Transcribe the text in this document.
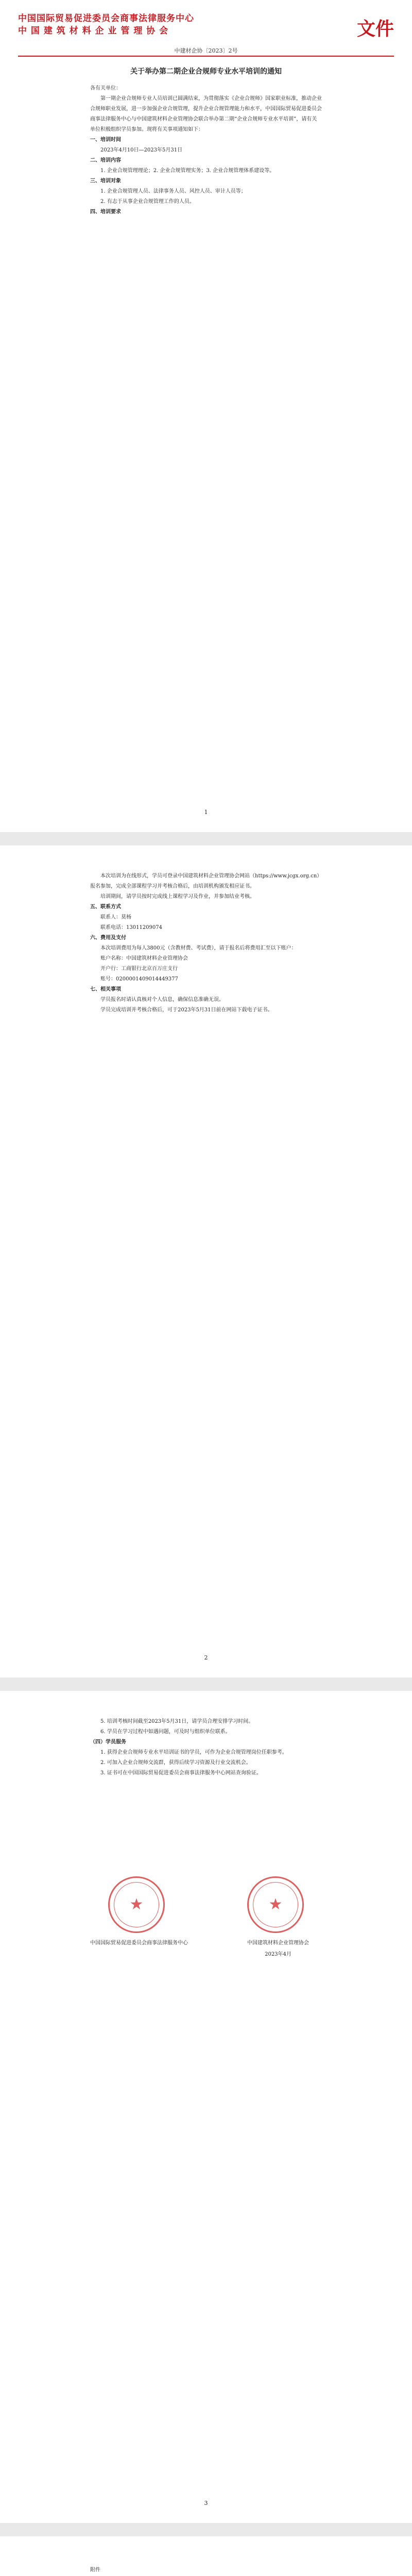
中国国际贸易促进委员会商事法律服务中心
中 国 建 筑 材 料 企 业 管 理 协 会	文件
中建材企协〔2023〕2号

关于举办第二期企业合规师专业水平培训的通知

各有关单位：

第一期企业合规师专业人员培训已圆满结束，为贯彻落实《企业合规师》国家职业标准，推动企业合规师职业发展，进一步加强企业合规管理，提升企业合规管理能力和水平，中国国际贸易促进委员会商事法律服务中心与中国建筑材料企业管理协会联合举办第二期“企业合规师专业水平培训”，请有关单位积极组织学员参加。现将有关事项通知如下：

一、培训时间

2023年4月10日—2023年5月31日

二、培训内容

1. 企业合规管理理论；2. 企业合规管理实务；3. 企业合规管理体系建设等。

三、培训对象

1. 企业合规管理人员、法律事务人员、风控人员、审计人员等；

2. 有志于从事企业合规管理工作的人员。

四、培训要求

1

本次培训为在线形式，学员可登录中国建筑材料企业管理协会网站（https://www.jcgx.org.cn）报名参加，完成全部课程学习并考核合格后，由培训机构颁发相应证书。

培训期间，请学员按时完成线上课程学习及作业，并参加结业考核。

五、联系方式

联系人：莫杨

联系电话：13011209074

六、费用及支付

本次培训费用为每人3800元（含教材费、考试费），请于报名后将费用汇至以下账户：

账户名称：中国建筑材料企业管理协会

开户行：工商银行北京百万庄支行

账号：0200001409014449377

七、相关事项

学员报名时请认真核对个人信息，确保信息准确无误。

学员完成培训并考核合格后，可于2023年5月31日前在网站下载电子证书。

2

5. 培训考核时间截至2023年5月31日，请学员合理安排学习时间。

6. 学员在学习过程中如遇问题，可及时与组织单位联系。

（四）学员服务

1. 获得企业合规师专业水平培训证书的学员，可作为企业合规管理岗位任职参考。

2. 可加入企业合规师交流群，获得后续学习资源及行业交流机会。

3. 证书可在中国国际贸易促进委员会商事法律服务中心网站查询验证。

★	★
中国国际贸易促进委员会商事法律服务中心	中国建筑材料企业管理协会
2023年4月
3

附件
